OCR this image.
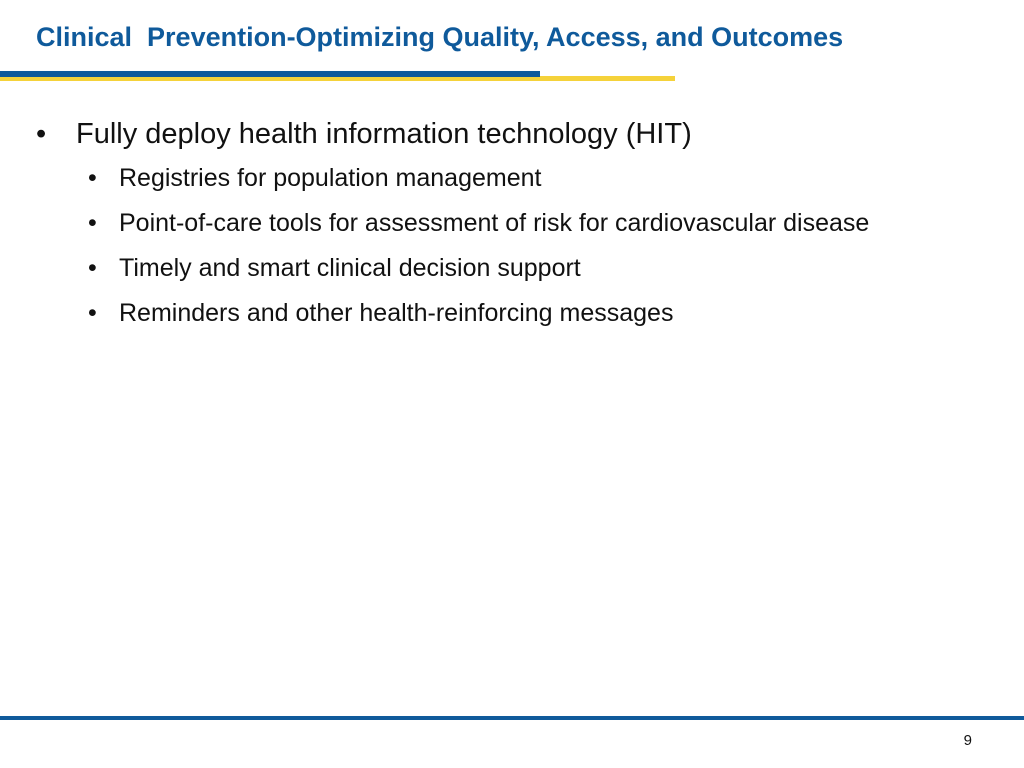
Clinical  Prevention-Optimizing Quality, Access, and Outcomes
• Fully deploy health information technology (HIT)
• Registries for population management
• Point-of-care tools for assessment of risk for cardiovascular disease
• Timely and smart clinical decision support
• Reminders and other health-reinforcing messages
9
